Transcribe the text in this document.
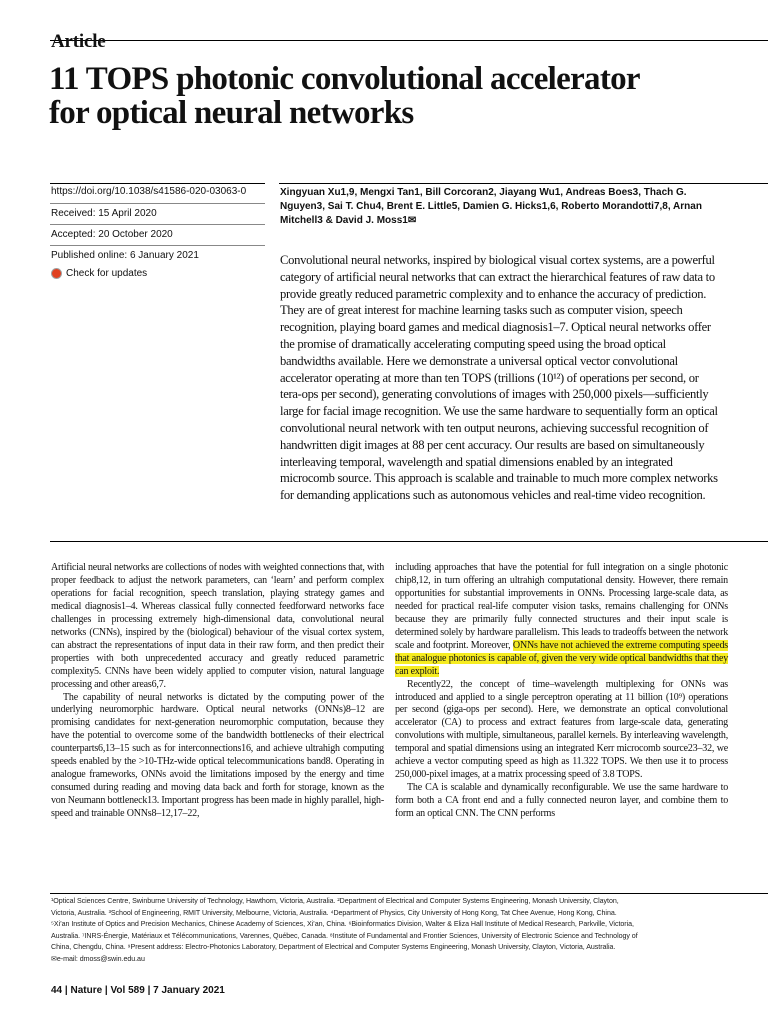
Article
11 TOPS photonic convolutional accelerator
for optical neural networks
https://doi.org/10.1038/s41586-020-03063-0
Received: 15 April 2020
Accepted: 20 October 2020
Published online: 6 January 2021
Check for updates
Xingyuan Xu1,9, Mengxi Tan1, Bill Corcoran2, Jiayang Wu1, Andreas Boes3, Thach G. Nguyen3, Sai T. Chu4, Brent E. Little5, Damien G. Hicks1,6, Roberto Morandotti7,8, Arnan Mitchell3 & David J. Moss1✉
Convolutional neural networks, inspired by biological visual cortex systems, are a powerful category of artificial neural networks that can extract the hierarchical features of raw data to provide greatly reduced parametric complexity and to enhance the accuracy of prediction. They are of great interest for machine learning tasks such as computer vision, speech recognition, playing board games and medical diagnosis1–7. Optical neural networks offer the promise of dramatically accelerating computing speed using the broad optical bandwidths available. Here we demonstrate a universal optical vector convolutional accelerator operating at more than ten TOPS (trillions (10¹²) of operations per second, or tera-ops per second), generating convolutions of images with 250,000 pixels—sufficiently large for facial image recognition. We use the same hardware to sequentially form an optical convolutional neural network with ten output neurons, achieving successful recognition of handwritten digit images at 88 per cent accuracy. Our results are based on simultaneously interleaving temporal, wavelength and spatial dimensions enabled by an integrated microcomb source. This approach is scalable and trainable to much more complex networks for demanding applications such as autonomous vehicles and real-time video recognition.

Artificial neural networks are collections of nodes with weighted connections that, with proper feedback to adjust the network parameters, can ‘learn’ and perform complex operations for facial recognition, speech translation, playing strategy games and medical diagnosis1–4. Whereas classical fully connected feedforward networks face challenges in processing extremely high-dimensional data, convolutional neural networks (CNNs), inspired by the (biological) behaviour of the visual cortex system, can abstract the representations of input data in their raw form, and then predict their properties with both unprecedented accuracy and greatly reduced parametric complexity5. CNNs have been widely applied to computer vision, natural language processing and other areas6,7.

The capability of neural networks is dictated by the computing power of the underlying neuromorphic hardware. Optical neural networks (ONNs)8–12 are promising candidates for next-generation neuromorphic computation, because they have the potential to overcome some of the bandwidth bottlenecks of their electrical counterparts6,13–15 such as for interconnections16, and achieve ultrahigh computing speeds enabled by the >10-THz-wide optical telecommunications band8. Operating in analogue frameworks, ONNs avoid the limitations imposed by the energy and time consumed during reading and moving data back and forth for storage, known as the von Neumann bottleneck13. Important progress has been made in highly parallel, high-speed and trainable ONNs8–12,17–22,

including approaches that have the potential for full integration on a single photonic chip8,12, in turn offering an ultrahigh computational density. However, there remain opportunities for substantial improvements in ONNs. Processing large-scale data, as needed for practical real-life computer vision tasks, remains challenging for ONNs because they are primarily fully connected structures and their input scale is determined solely by hardware parallelism. This leads to tradeoffs between the network scale and footprint. Moreover, ONNs have not achieved the extreme computing speeds that analogue photonics is capable of, given the very wide optical bandwidths that they can exploit.

Recently22, the concept of time–wavelength multiplexing for ONNs was introduced and applied to a single perceptron operating at 11 billion (10⁹) operations per second (giga-ops per second). Here, we demonstrate an optical convolutional accelerator (CA) to process and extract features from large-scale data, generating convolutions with multiple, simultaneous, parallel kernels. By interleaving wavelength, temporal and spatial dimensions using an integrated Kerr microcomb source23–32, we achieve a vector computing speed as high as 11.322 TOPS. We then use it to process 250,000-pixel images, at a matrix processing speed of 3.8 TOPS.

The CA is scalable and dynamically reconfigurable. We use the same hardware to form both a CA front end and a fully connected neuron layer, and combine them to form an optical CNN. The CNN performs

¹Optical Sciences Centre, Swinburne University of Technology, Hawthorn, Victoria, Australia. ²Department of Electrical and Computer Systems Engineering, Monash University, Clayton,
Victoria, Australia. ³School of Engineering, RMIT University, Melbourne, Victoria, Australia. ⁴Department of Physics, City University of Hong Kong, Tat Chee Avenue, Hong Kong, China.
⁵Xi’an Institute of Optics and Precision Mechanics, Chinese Academy of Sciences, Xi’an, China. ⁶Bioinformatics Division, Walter & Eliza Hall Institute of Medical Research, Parkville, Victoria,
Australia. ⁷INRS-Énergie, Matériaux et Télécommunications, Varennes, Québec, Canada. ⁸Institute of Fundamental and Frontier Sciences, University of Electronic Science and Technology of
China, Chengdu, China. ⁹Present address: Electro-Photonics Laboratory, Department of Electrical and Computer Systems Engineering, Monash University, Clayton, Victoria, Australia.
✉e-mail: dmoss@swin.edu.au
44 | Nature | Vol 589 | 7 January 2021
